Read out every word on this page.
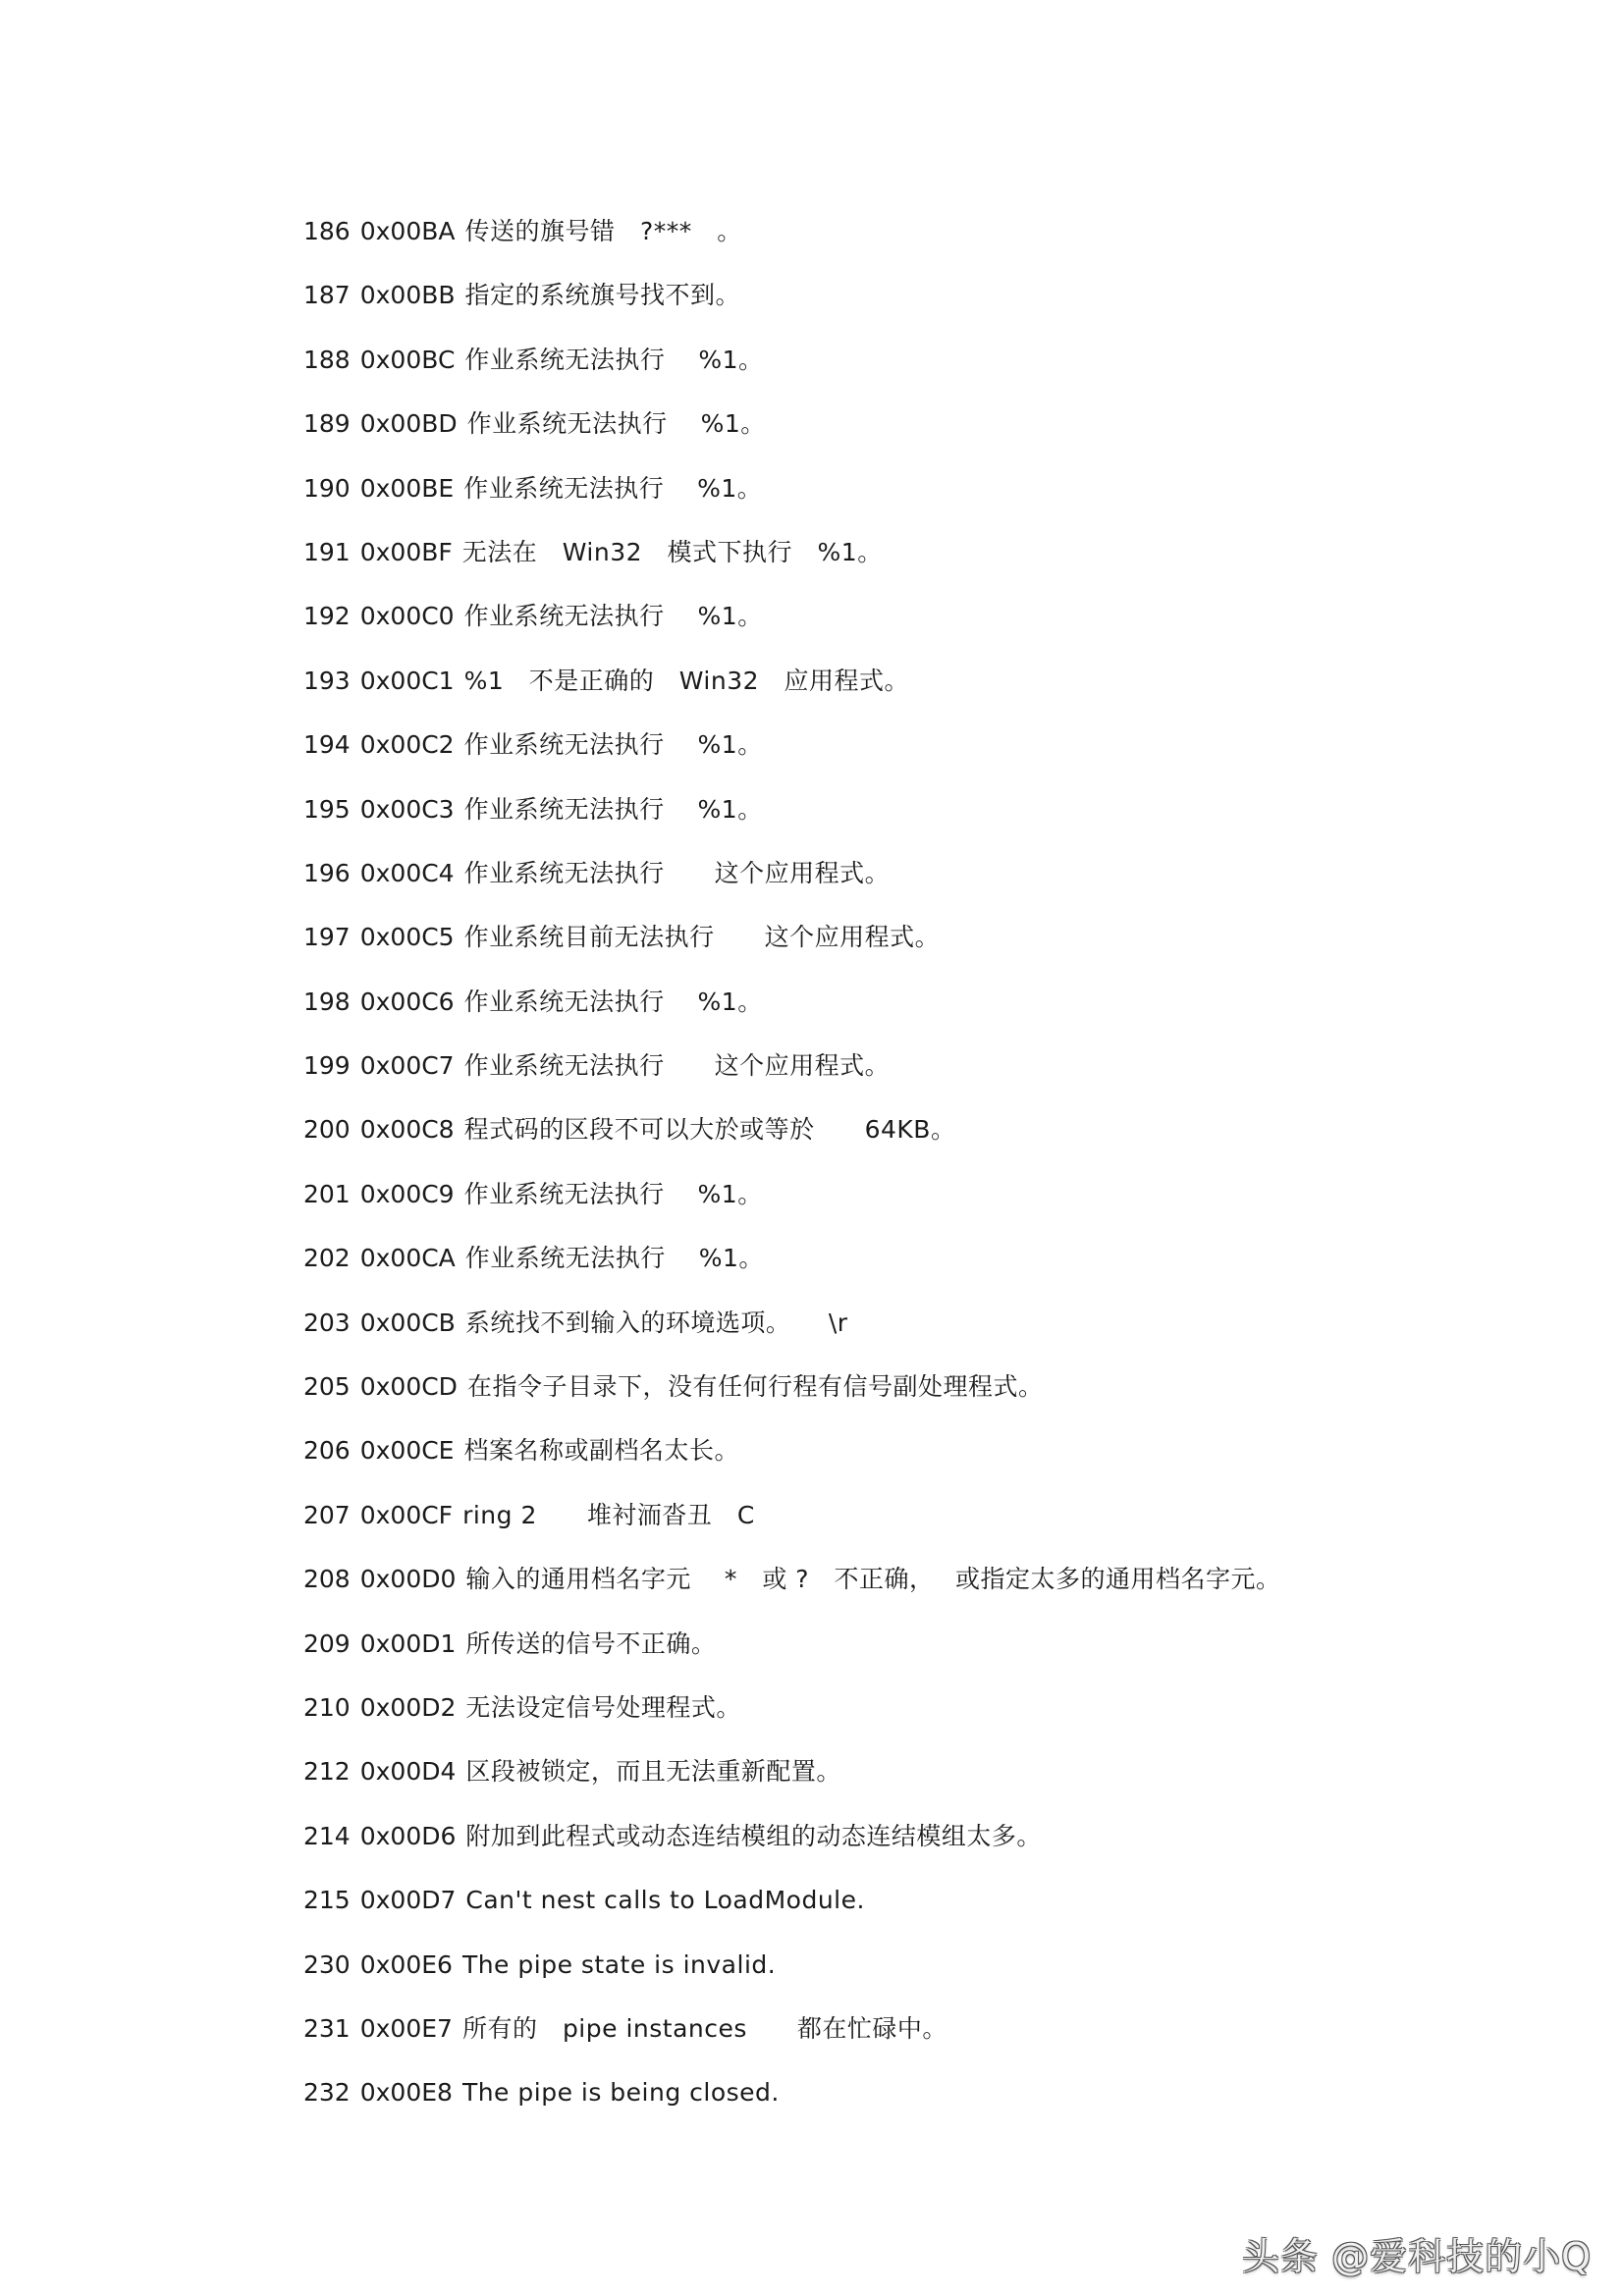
186 0x00BA 传送的旗号错　?***　。
187 0x00BB 指定的系统旗号找不到。
188 0x00BC 作业系统无法执行　 %1。
189 0x00BD 作业系统无法执行　 %1。
190 0x00BE 作业系统无法执行　 %1。
191 0x00BF 无法在　Win32　模式下执行　%1。
192 0x00C0 作业系统无法执行　 %1。
193 0x00C1 %1　不是正确的　Win32　应用程式。
194 0x00C2 作业系统无法执行　 %1。
195 0x00C3 作业系统无法执行　 %1。
196 0x00C4 作业系统无法执行　　这个应用程式。
197 0x00C5 作业系统目前无法执行　　这个应用程式。
198 0x00C6 作业系统无法执行　 %1。
199 0x00C7 作业系统无法执行　　这个应用程式。
200 0x00C8 程式码的区段不可以大於或等於　　64KB。
201 0x00C9 作业系统无法执行　 %1。
202 0x00CA 作业系统无法执行　 %1。
203 0x00CB 系统找不到输入的环境选项。　　\r
205 0x00CD 在指令子目录下，没有任何行程有信号副处理程式。
206 0x00CE 档案名称或副档名太长。
207 0x00CF ring 2　　堆衬洏沓丑　C
208 0x00D0 输入的通用档名字元　 *　或 ?　不正确，　 或指定太多的通用档名字元。
209 0x00D1 所传送的信号不正确。
210 0x00D2 无法设定信号处理程式。
212 0x00D4 区段被锁定，而且无法重新配置。
214 0x00D6 附加到此程式或动态连结模组的动态连结模组太多。
215 0x00D7 Can't nest calls to LoadModule.
230 0x00E6 The pipe state is invalid.
231 0x00E7 所有的　pipe instances　　都在忙碌中。
232 0x00E8 The pipe is being closed.
头条 @爱科技的小Q
